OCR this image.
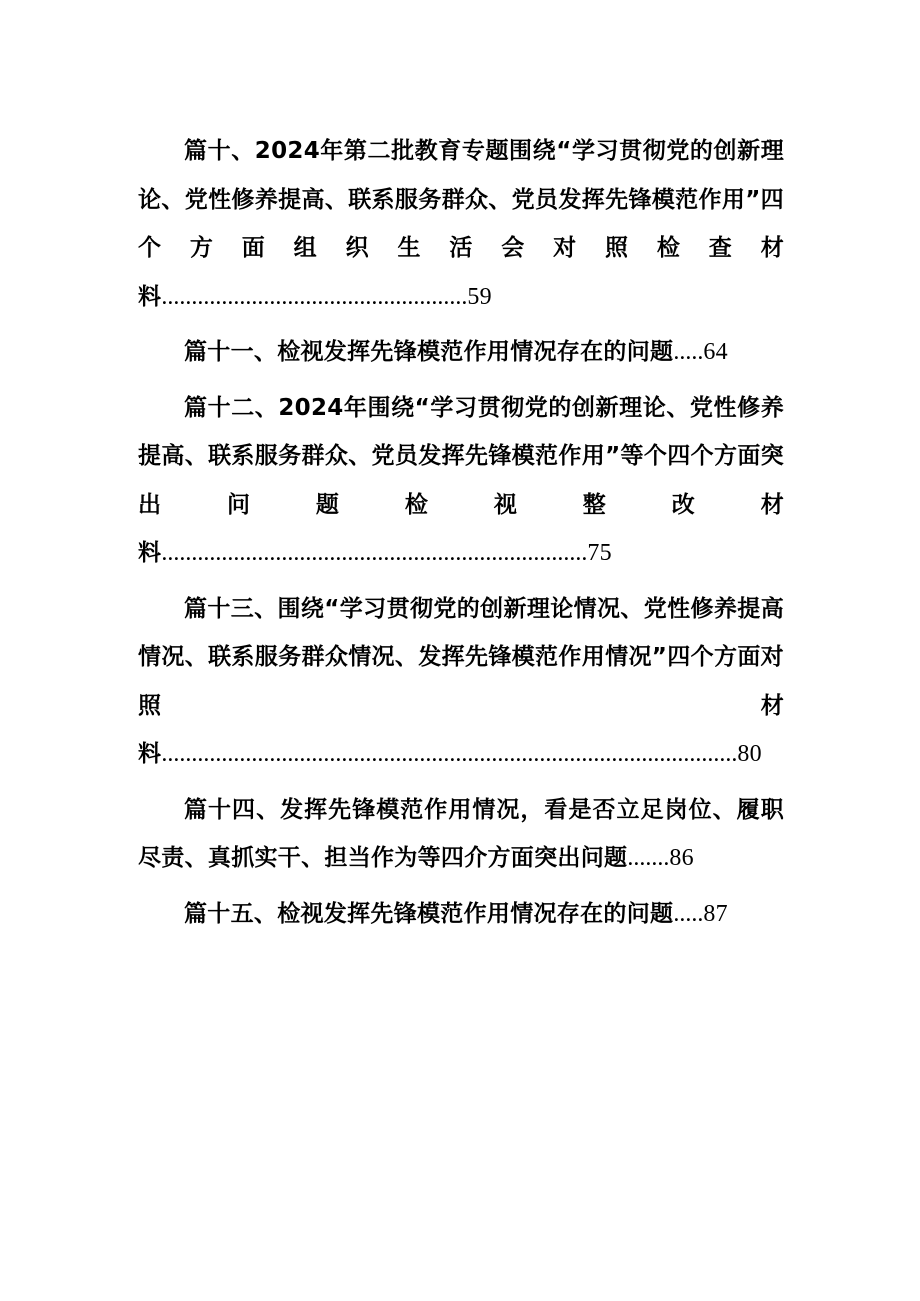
篇十、2024年第二批教育专题围绕“学习贯彻党的创新理论、党性修养提高、联系服务群众、党员发挥先锋模范作用”四个方面组织生活会对照检查材料...................................................59

篇十一、检视发挥先锋模范作用情况存在的问题.....64

篇十二、2024年围绕“学习贯彻党的创新理论、党性修养提高、联系服务群众、党员发挥先锋模范作用”等个四个方面突出问题检视整改材料.......................................................................75

篇十三、围绕“学习贯彻党的创新理论情况、党性修养提高情况、联系服务群众情况、发挥先锋模范作用情况”四个方面对照材料................................................................................................80

篇十四、发挥先锋模范作用情况，看是否立足岗位、履职尽责、真抓实干、担当作为等四介方面突出问题.......86

篇十五、检视发挥先锋模范作用情况存在的问题.....87
